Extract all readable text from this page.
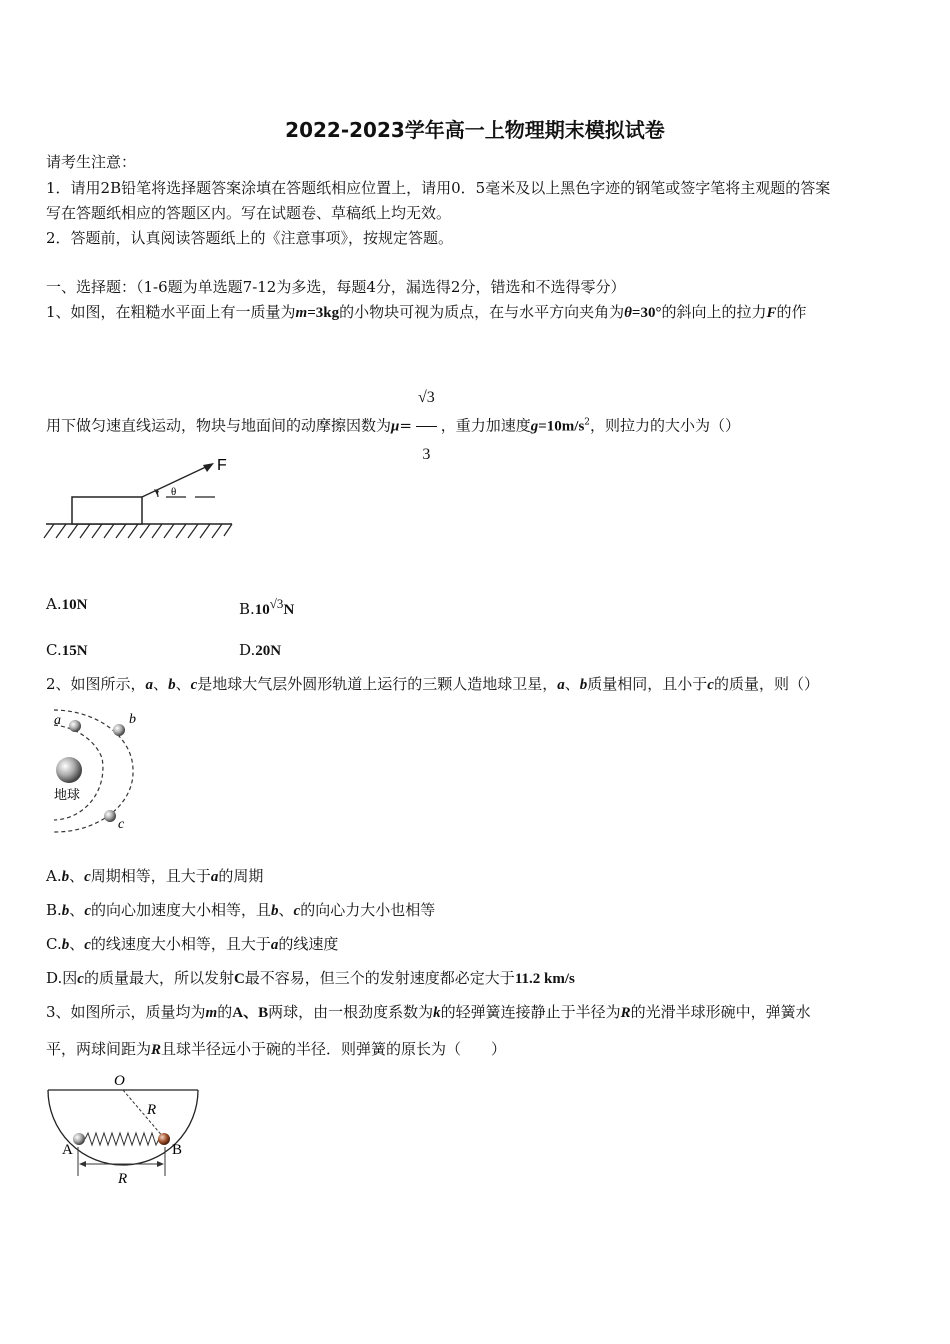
2022-2023学年高一上物理期末模拟试卷
请考生注意：
1．请用2B铅笔将选择题答案涂填在答题纸相应位置上，请用0．5毫米及以上黑色字迹的钢笔或签字笔将主观题的答案
写在答题纸相应的答题区内。写在试题卷、草稿纸上均无效。
2．答题前，认真阅读答题纸上的《注意事项》，按规定答题。
一、选择题：（1-6题为单选题7-12为多选，每题4分，漏选得2分，错选和不选得零分）
1、如图，在粗糙水平面上有一质量为m=3kg的小物块可视为质点，在与水平方向夹角为θ=30°的斜向上的拉力F的作
用下做匀速直线运动，物块与地面间的动摩擦因数为$\mu= \frac{√3}{3}$ ，重力加速度$g=10m/s^2$，则拉力的大小为（）
F
θ
A.10N	$B.10^{√3}N$
C.15N	D.20N
2、如图所示，a、b、c是地球大气层外圆形轨道上运行的三颗人造地球卫星，a、b质量相同，且小于c的质量，则（）
地球
a	b
c
A.b、c周期相等，且大于a的周期
B.b、c的向心加速度大小相等，且b、c的向心力大小也相等
C.b、c的线速度大小相等，且大于a的线速度
D.因c的质量最大，所以发射C最不容易，但三个的发射速度都必定大于11.2 km/s
3、如图所示，质量均为m的A、B两球，由一根劲度系数为k的轻弹簧连接静止于半径为R的光滑半球形碗中，弹簧水
平，两球间距为R且球半径远小于碗的半径．则弹簧的原长为（　　）
O
R
A	B
R
